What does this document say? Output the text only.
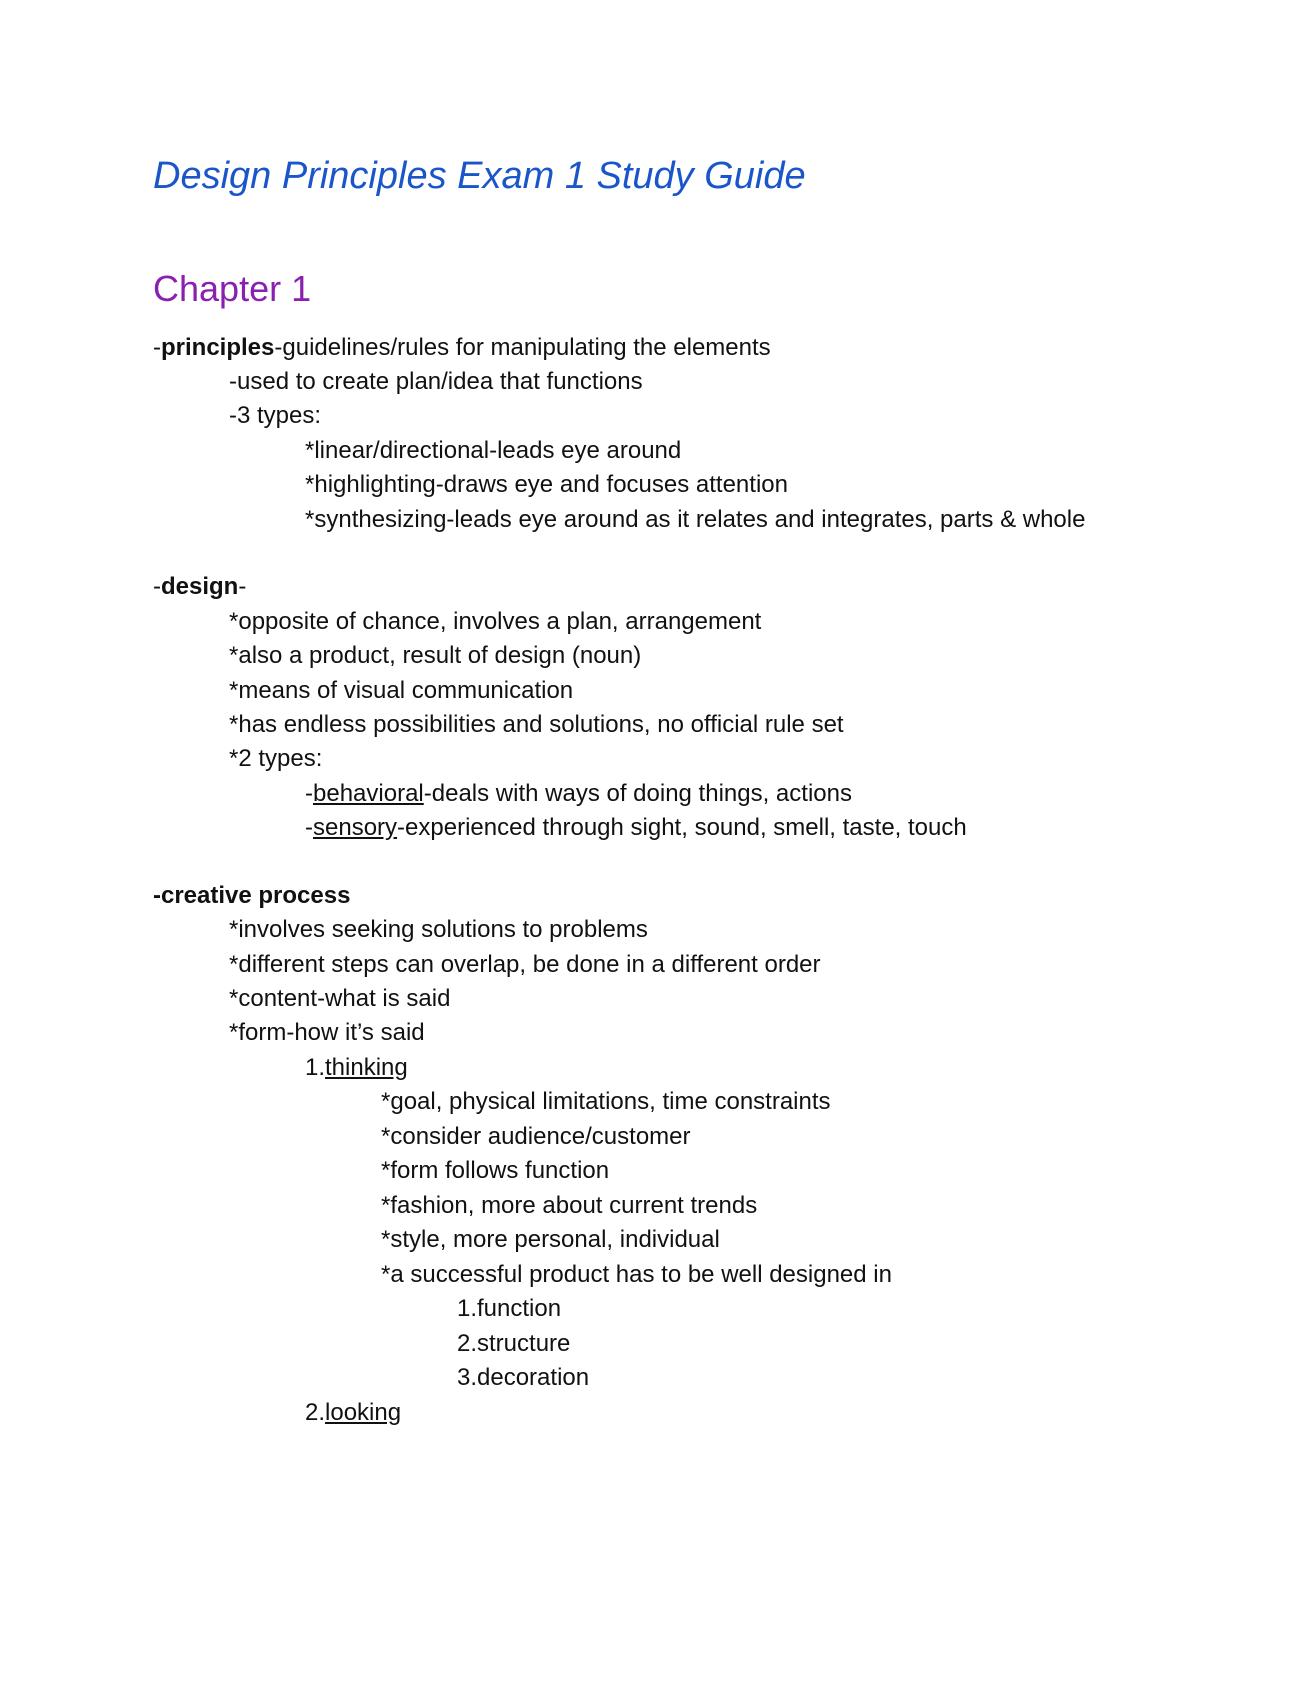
Design Principles Exam 1 Study Guide
Chapter 1
-principles-guidelines/rules for manipulating the elements
-used to create plan/idea that functions
-3 types:
*linear/directional-leads eye around
*highlighting-draws eye and focuses attention
*synthesizing-leads eye around as it relates and integrates, parts & whole
-design-
*opposite of chance, involves a plan, arrangement
*also a product, result of design (noun)
*means of visual communication
*has endless possibilities and solutions, no official rule set
*2 types:
-behavioral-deals with ways of doing things, actions
-sensory-experienced through sight, sound, smell, taste, touch
-creative process
*involves seeking solutions to problems
*different steps can overlap, be done in a different order
*content-what is said
*form-how it’s said
1.thinking
*goal, physical limitations, time constraints
*consider audience/customer
*form follows function
*fashion, more about current trends
*style, more personal, individual
*a successful product has to be well designed in
1.function
2.structure
3.decoration
2.looking
